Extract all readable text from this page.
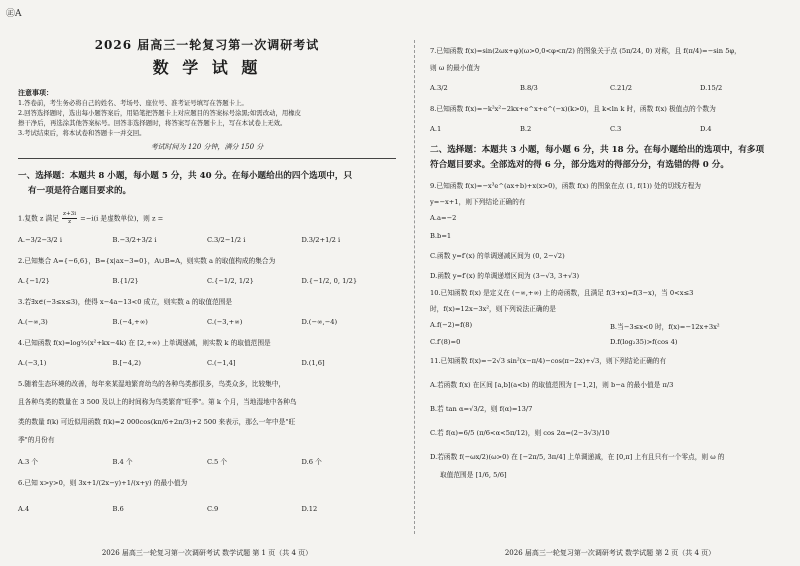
㊣A
2026 届高三一轮复习第一次调研考试
数 学 试 题
注意事项：
1.答卷前，考生务必将自己的姓名、考场号、座位号、准考证号填写在答题卡上。
2.回答选择题时，选出每小题答案后，用铅笔把答题卡上对应题目的答案标号涂黑;如需改动，用橡皮
擦干净后，再选涂其他答案标号。回答非选择题时，将答案写在答题卡上，写在本试卷上无效。
3.考试结束后，将本试卷和答题卡一并交回。
考试时间为 120 分钟，满分 150 分
一、选择题：本题共 8 小题，每小题 5 分，共 40 分。在每小题给出的四个选项中，只
有一项是符合题目要求的。
1.复数 z 满足 $\frac{z+3i}{z} =-i(i$ 是虚数单位)，则 z =
A.−3/2−3/2 i	B.−3/2+3/2 i	C.3/2−1/2 i	D.3/2+1/2 i
2.已知集合 A={−6,6}，B={x|ax−3=0}，A∪B=A，则实数 a 的取值构成的集合为
A.{−1/2}	B.{1/2}	C.{−1/2, 1/2}	D.{−1/2, 0, 1/2}
3.若∃x∈(−3≤x≤3)，使得 x−4a−13<0 成立，则实数 a 的取值范围是
A.(−∞,3)	B.(−4,+∞)	C.(−3,+∞)	D.(−∞,−4)
4.已知函数 f(x)=log½(x²+kx−4k) 在 [2,+∞) 上单调递减，则实数 k 的取值范围是
A.(−3,1)	B.[−4,2)	C.(−1,4]	D.(1,6]
5.随着生态环境的改善，每年来某湿地繁育幼鸟的各种鸟类都很多，鸟类众多，比较集中，
且各种鸟类的数量在 3 500 及以上的时间称为鸟类繁育"旺季"。第 k 个月，当地湿地中各种鸟
类的数量 f(k) 可近似用函数 f(k)=2 000cos(kπ/6+2π/3)+2 500 来表示，那么一年中是"旺
季"的月份有
A.3 个	B.4 个	C.5 个	D.6 个
6.已知 x>y>0，则 3x+1/(2x−y)+1/(x+y) 的最小值为
A.4	B.6	C.9	D.12
2026 届高三一轮复习第一次调研考试 数学试题 第 1 页（共 4 页）
7.已知函数 f(x)=sin(2ωx+φ)(ω>0,0<φ<π/2) 的图象关于点 (5π/24, 0) 对称，且 f(π/4)=−sin 5φ，
则 ω 的最小值为
A.3/2	B.8/3	C.21/2	D.15/2
8.已知函数 f(x)=−k²x²−2kx+e^x+e^(−x)(k>0)，且 k<ln k 时，函数 f(x) 极值点的个数为
A.1	B.2	C.3	D.4
二、选择题：本题共 3 小题，每小题 6 分，共 18 分。在每小题给出的选项中，有多项
符合题目要求。全部选对的得 6 分，部分选对的得部分分，有选错的得 0 分。
9.已知函数 f(x)=−x³e^(ax+b)+x(x>0)，函数 f(x) 的图象在点 (1, f(1)) 处的切线方程为
y=−x+1，则下列结论正确的有
A.a=−2
B.b=1
C.函数 y=f′(x) 的单调递减区间为 (0, 2−√2)
D.函数 y=f′(x) 的单调递增区间为 (3−√3, 3+√3)
10.已知函数 f(x) 是定义在 (−∞,+∞) 上的奇函数，且满足 f(3+x)=f(3−x)，当 0<x≤3
时，f(x)=12x−3x²，则下列说法正确的是
A.f(−2)=f(8)	B.当−3≤x<0 时，f(x)=−12x+3x²
C.f′(8)=0	D.f(log₂35)>f(cos 4)
11.已知函数 f(x)=−2√3 sin²(x−π/4)−cos(π−2x)+√3，则下列结论正确的有
A.若函数 f(x) 在区间 [a,b](a<b) 的取值范围为 [−1,2]，则 b−a 的最小值是 π/3
B.若 tan α=√3/2，则 f(α)=13/7
C.若 f(α)=6/5 (π/6<α<5π/12)，则 cos 2α=(2−3√3)/10
D.若函数 f(−ωx/2)(ω>0) 在 [−2π/5, 3π/4] 上单调递减，在 [0,π] 上有且只有一个零点，则 ω 的
取值范围是 [1/6, 5/6]
2026 届高三一轮复习第一次调研考试 数学试题 第 2 页（共 4 页）
